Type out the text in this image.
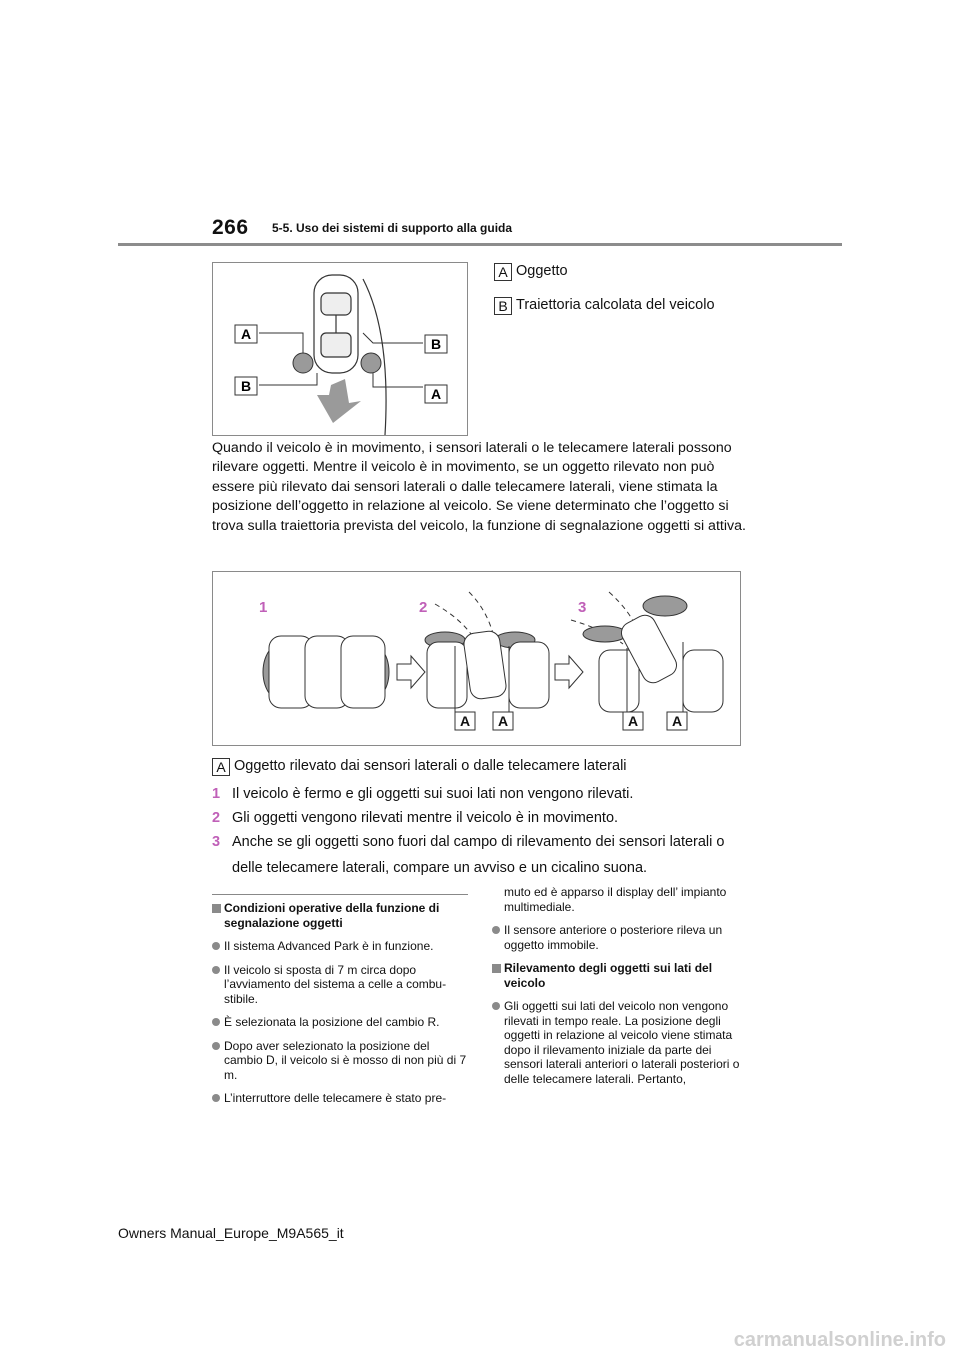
266 5-5. Uso dei sistemi di supporto alla guida
A
B
B
A
A Oggetto
B Traiettoria calcolata del veicolo
Quando il veicolo è in movimento, i sensori laterali o le telecamere laterali possono rilevare oggetti. Mentre il veicolo è in movimento, se un oggetto rilevato non può essere più rilevato dai sensori laterali o dalle telecamere laterali, viene stimata la posizione dell’oggetto in relazione al veicolo. Se viene determinato che l’oggetto si trova sulla traiettoria prevista del veicolo, la funzione di segnalazione oggetti si attiva.
1	2	3
A A	A A
A Oggetto rilevato dai sensori laterali o dalle telecamere laterali
1 Il veicolo è fermo e gli oggetti sui suoi lati non vengono rilevati.
2 Gli oggetti vengono rilevati mentre il veicolo è in movimento.
3 Anche se gli oggetti sono fuori dal campo di rilevamento dei sensori laterali o
delle telecamere laterali, compare un avviso e un cicalino suona.
Condizioni operative della funzione di segnalazione oggetti
Il sistema Advanced Park è in funzione.
Il veicolo si sposta di 7 m circa dopo l’avviamento del sistema a celle a combu-stibile.
È selezionata la posizione del cambio R.
Dopo aver selezionato la posizione del cambio D, il veicolo si è mosso di non più di 7 m.
L’interruttore delle telecamere è stato pre-
muto ed è apparso il display dell’ impianto multimediale.
Il sensore anteriore o posteriore rileva un oggetto immobile.
Rilevamento degli oggetti sui lati del veicolo
Gli oggetti sui lati del veicolo non vengono rilevati in tempo reale. La posizione degli oggetti in relazione al veicolo viene stimata dopo il rilevamento iniziale da parte dei sensori laterali anteriori o laterali posteriori o delle telecamere laterali. Pertanto,
Owners Manual_Europe_M9A565_it
carmanualsonline.info
